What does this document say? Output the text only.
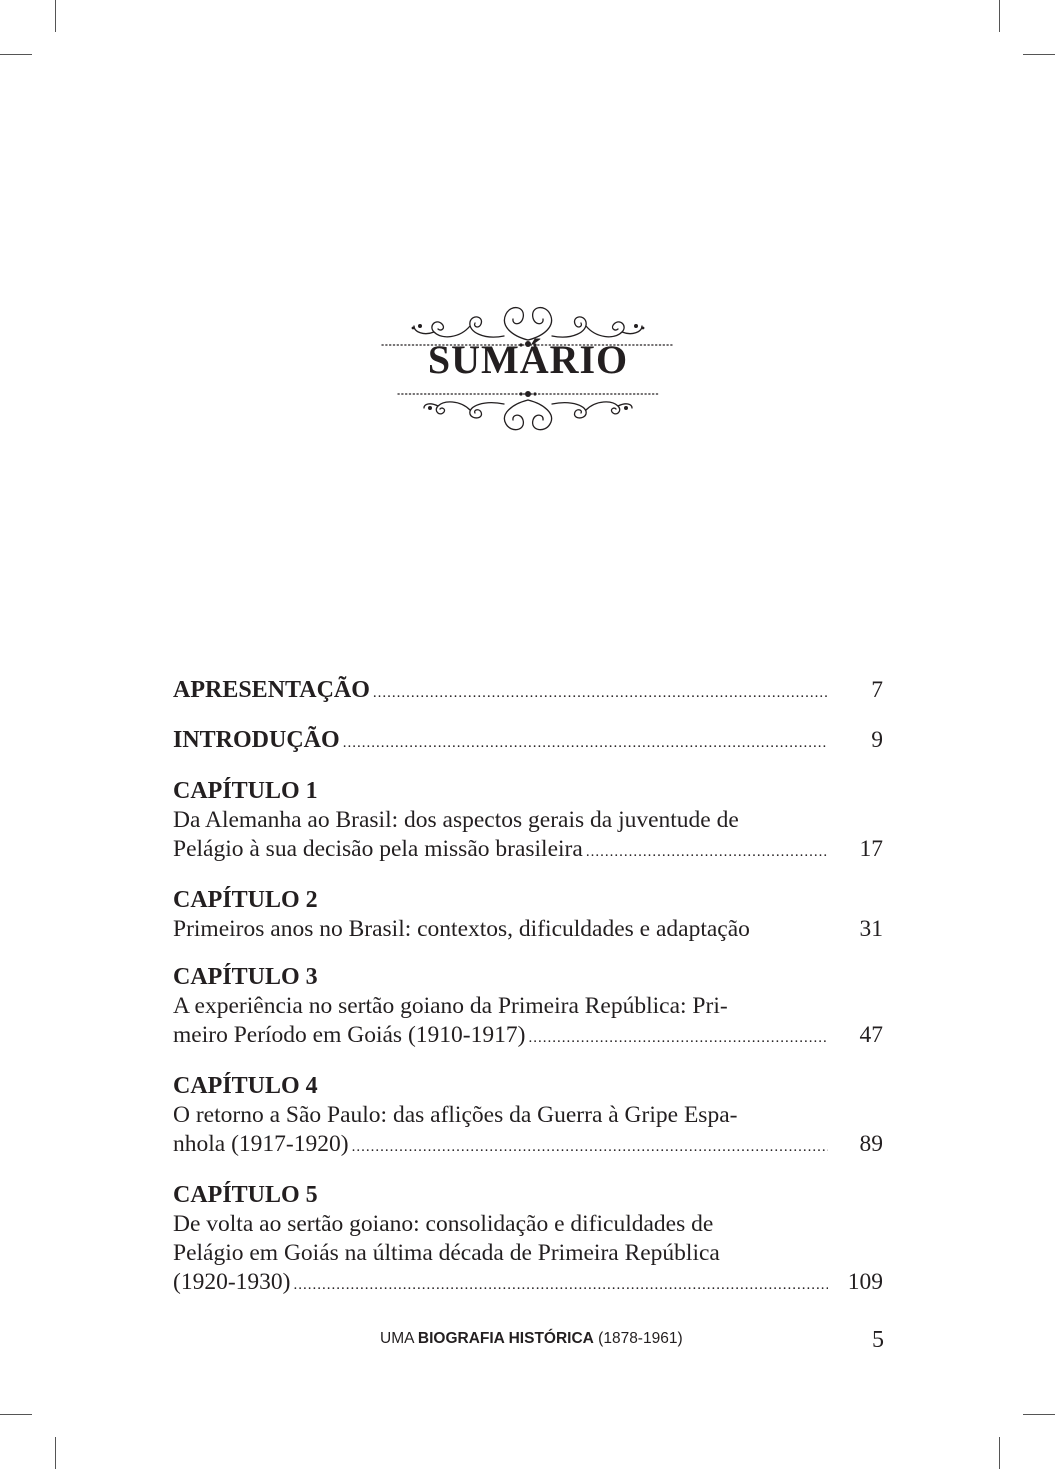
SUMÁRIO
APRESENTAÇÃO .....	7
INTRODUÇÃO .....	9
CAPÍTULO 1
Da Alemanha ao Brasil: dos aspectos gerais da juventude de
Pelágio à sua decisão pela missão brasileira .....	17
CAPÍTULO 2
Primeiros anos no Brasil: contextos, dificuldades e adaptação	31
CAPÍTULO 3
A experiência no sertão goiano da Primeira República: Pri-
meiro Período em Goiás (1910-1917) .....	47
CAPÍTULO 4
O retorno a São Paulo: das aflições da Guerra à Gripe Espa-
nhola (1917-1920) .....	89
CAPÍTULO 5
De volta ao sertão goiano: consolidação e dificuldades de
Pelágio em Goiás na última década de Primeira República
(1920-1930) .....	109
UMA BIOGRAFIA HISTÓRICA (1878-1961)	5
